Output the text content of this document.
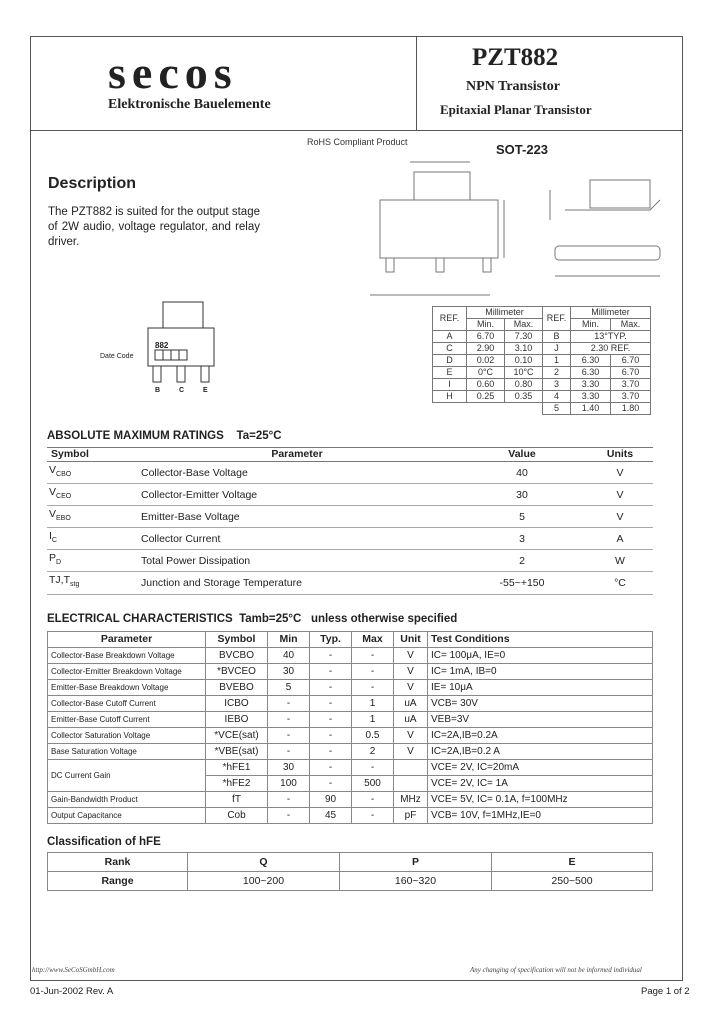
secos
Elektronische Bauelemente
PZT882
NPN Transistor
Epitaxial Planar Transistor
RoHS Compliant Product	SOT-223
Description
The PZT882 is suited for the output stage of 2W audio, voltage regulator, and relay driver.
882
Date Code
B	C	E
REF.	Millimeter		REF.	Millimeter	
	Min.	Max.		Min.	Max.
A	6.70	7.30	B	13°TYP.	
C	2.90	3.10	J	2.30 REF.	
D	0.02	0.10	1	6.30	6.70
E	0°C	10°C	2	6.30	6.70
I	0.60	0.80	3	3.30	3.70
H	0.25	0.35	4	3.30	3.70
			5	1.40	1.80
ABSOLUTE MAXIMUM RATINGS Ta=25°C
Symbol	Parameter	Value	Units
$V_{CBO}$	Collector-Base Voltage	40	V
$V_{CEO}$	Collector-Emitter Voltage	30	V
$V_{EBO}$	Emitter-Base Voltage	5	V
$I_C$	Collector Current	3	A
$P_D$	Total Power Dissipation	2	W
$TJ,T_{stg}$	Junction and Storage Temperature	-55~+150	°C
ELECTRICAL CHARACTERISTICS Tamb=25°C unless otherwise specified
Parameter	Symbol	Min	Typ.	Max	Unit	Test Conditions
Collector-Base Breakdown Voltage	BVCBO	40	-	-	V	IC= 100μA, IE=0
Collector-Emitter Breakdown Voltage	*BVCEO	30	-	-	V	IC= 1mA, IB=0
Emitter-Base Breakdown Voltage	BVEBO	5	-	-	V	IE= 10μA
Collector-Base Cutoff Current	ICBO	-	-	1	uA	VCB= 30V
Emitter-Base Cutoff Current	IEBO	-	-	1	uA	VEB=3V
Collector Saturation Voltage	*VCE(sat)	-	-	0.5	V	IC=2A,IB=0.2A
Base Saturation Voltage	*VBE(sat)	-	-	2	V	IC=2A,IB=0.2 A
DC Current Gain	*hFE1	30	-	-		VCE= 2V, IC=20mA
	*hFE2	100	-	500		VCE= 2V, IC= 1A
Gain-Bandwidth Product	fT	-	90	-	MHz	VCE= 5V, IC= 0.1A, f=100MHz
Output Capacitance	Cob	-	45	-	pF	VCB= 10V, f=1MHz,IE=0
Classification of hFE
Rank	Q	P	E
Range	100~200	160~320	250~500
http://www.SeCoSGmbH.com	Any changing of specification will not be informed individual
01-Jun-2002 Rev. A	Page 1 of 2
